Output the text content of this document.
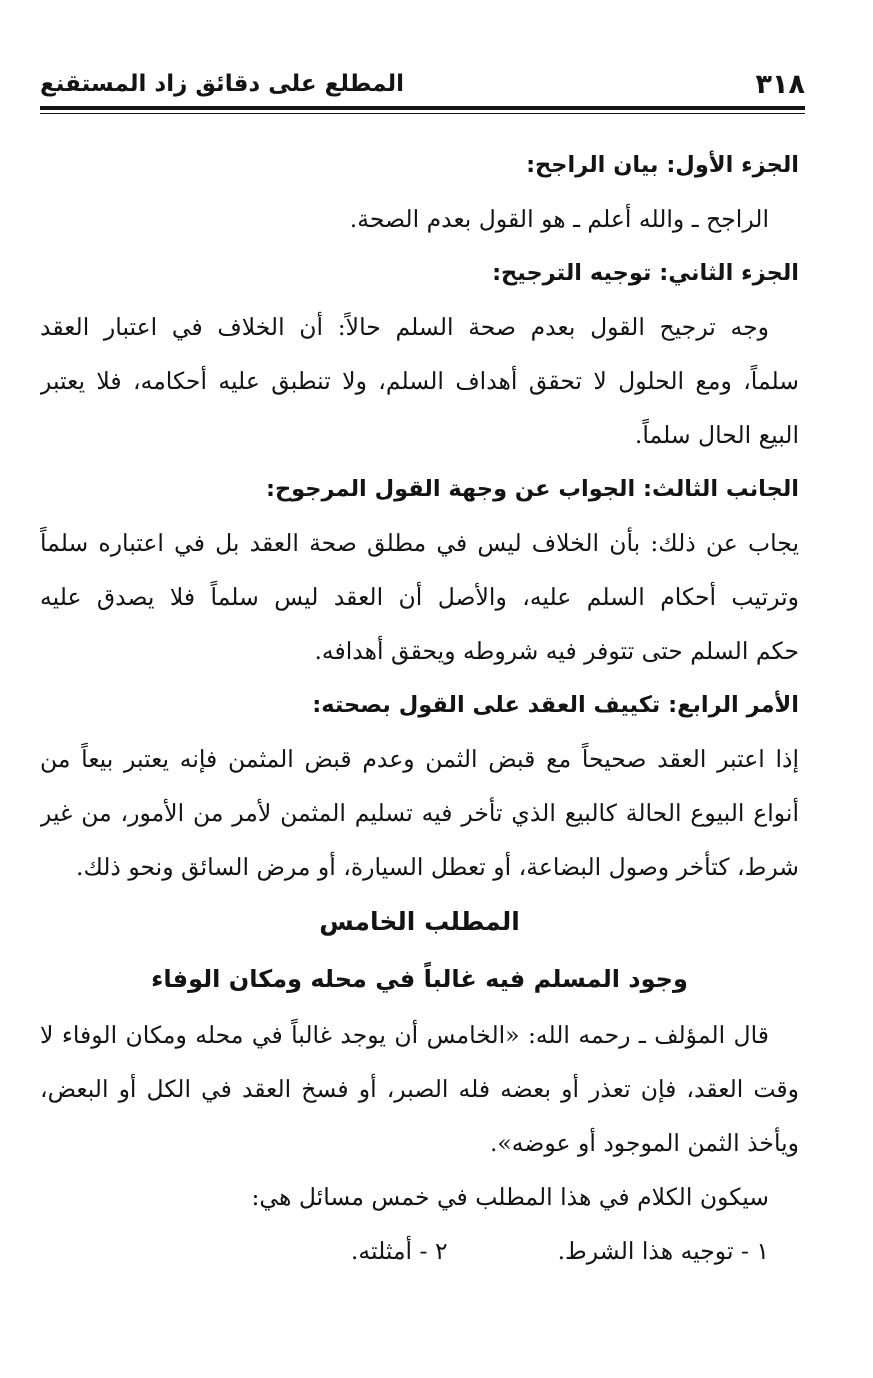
٣١٨
المطلع على دقائق زاد المستقنع
الجزء الأول: بيان الراجح:
الراجح ـ والله أعلم ـ هو القول بعدم الصحة.
الجزء الثاني: توجيه الترجيح:
وجه ترجيح القول بعدم صحة السلم حالاً: أن الخلاف في اعتبار العقد
سلماً، ومع الحلول لا تحقق أهداف السلم، ولا تنطبق عليه أحكامه، فلا يعتبر
البيع الحال سلماً.
الجانب الثالث: الجواب عن وجهة القول المرجوح:
يجاب عن ذلك: بأن الخلاف ليس في مطلق صحة العقد بل في اعتباره سلماً
وترتيب أحكام السلم عليه، والأصل أن العقد ليس سلماً فلا يصدق عليه
حكم السلم حتى تتوفر فيه شروطه ويحقق أهدافه.
الأمر الرابع: تكييف العقد على القول بصحته:
إذا اعتبر العقد صحيحاً مع قبض الثمن وعدم قبض المثمن فإنه يعتبر بيعاً من
أنواع البيوع الحالة كالبيع الذي تأخر فيه تسليم المثمن لأمر من الأمور، من غير
شرط، كتأخر وصول البضاعة، أو تعطل السيارة، أو مرض السائق ونحو ذلك.
المطلب الخامس
وجود المسلم فيه غالباً في محله ومكان الوفاء
قال المؤلف ـ رحمه الله: «الخامس أن يوجد غالباً في محله ومكان الوفاء لا
وقت العقد، فإن تعذر أو بعضه فله الصبر، أو فسخ العقد في الكل أو البعض،
ويأخذ الثمن الموجود أو عوضه».
سيكون الكلام في هذا المطلب في خمس مسائل هي:
١ - توجيه هذا الشرط.
٢ - أمثلته.
